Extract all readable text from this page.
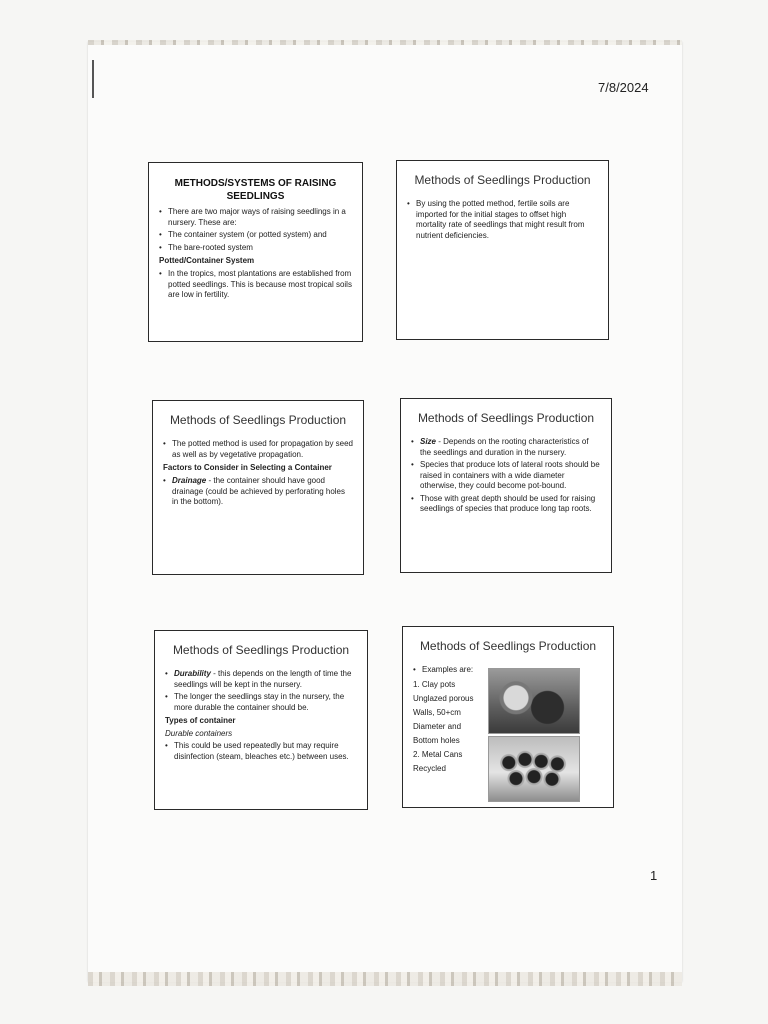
7/8/2024
1
METHODS/SYSTEMS OF RAISING SEEDLINGS
• There are two major ways of raising seedlings in a nursery. These are:
• The container system (or potted system) and
• The bare-rooted system
Potted/Container System
• In the tropics, most plantations are established from potted seedlings. This is because most tropical soils are low in fertility.
Methods of Seedlings Production
• By using the potted method, fertile soils are imported for the initial stages to offset high mortality rate of seedlings that might result from nutrient deficiencies.
Methods of Seedlings Production
• The potted method is used for propagation by seed as well as by vegetative propagation.
Factors to Consider in Selecting a Container
• Drainage - the container should have good drainage (could be achieved by perforating holes in the bottom).
Methods of Seedlings Production
• Size - Depends on the rooting characteristics of the seedlings and duration in the nursery.
• Species that produce lots of lateral roots should be raised in containers with a wide diameter otherwise, they could become pot-bound.
• Those with great depth should be used for raising seedlings of species that produce long tap roots.
Methods of Seedlings Production
• Durability - this depends on the length of time the seedlings will be kept in the nursery.
• The longer the seedlings stay in the nursery, the more durable the container should be.
Types of container
Durable containers
• This could be used repeatedly but may require disinfection (steam, bleaches etc.) between uses.
Methods of Seedlings Production
• Examples are:
1. Clay pots
Unglazed porous
Walls, 50+cm
Diameter and
Bottom holes
2. Metal Cans
Recycled
